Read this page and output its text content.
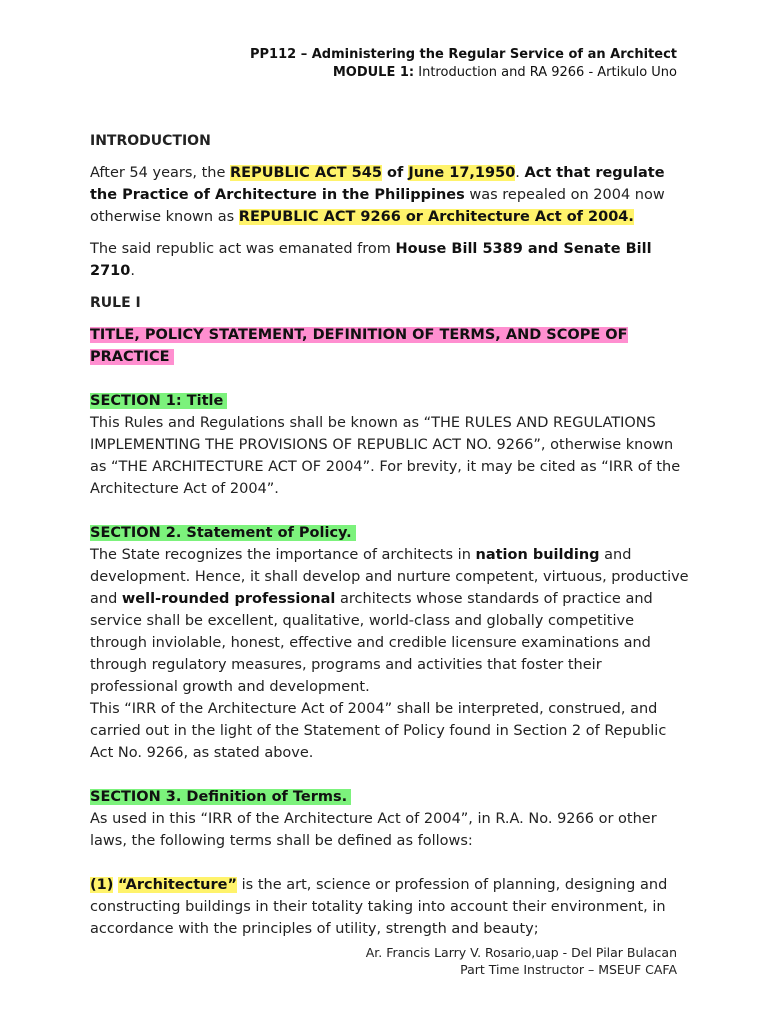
PP112 – Administering the Regular Service of an Architect
MODULE 1: Introduction and RA 9266 - Artikulo Uno

INTRODUCTION

After 54 years, the REPUBLIC ACT 545 of June 17,1950. Act that regulate the Practice of Architecture in the Philippines was repealed on 2004 now otherwise known as REPUBLIC ACT 9266 or Architecture Act of 2004.

The said republic act was emanated from House Bill 5389 and Senate Bill 2710.

RULE I

TITLE, POLICY STATEMENT, DEFINITION OF TERMS, AND SCOPE OF PRACTICE

SECTION 1: Title

This Rules and Regulations shall be known as “THE RULES AND REGULATIONS IMPLEMENTING THE PROVISIONS OF REPUBLIC ACT NO. 9266”, otherwise known as “THE ARCHITECTURE ACT OF 2004”. For brevity, it may be cited as “IRR of the Architecture Act of 2004”.

SECTION 2. Statement of Policy.

The State recognizes the importance of architects in nation building and development. Hence, it shall develop and nurture competent, virtuous, productive and well-rounded professional architects whose standards of practice and service shall be excellent, qualitative, world-class and globally competitive through inviolable, honest, effective and credible licensure examinations and through regulatory measures, programs and activities that foster their professional growth and development.

This “IRR of the Architecture Act of 2004” shall be interpreted, construed, and carried out in the light of the Statement of Policy found in Section 2 of Republic Act No. 9266, as stated above.

SECTION 3. Definition of Terms.

As used in this “IRR of the Architecture Act of 2004”, in R.A. No. 9266 or other laws, the following terms shall be defined as follows:

(1) “Architecture” is the art, science or profession of planning, designing and constructing buildings in their totality taking into account their environment, in accordance with the principles of utility, strength and beauty;

Ar. Francis Larry V. Rosario,uap - Del Pilar Bulacan
Part Time Instructor – MSEUF CAFA
